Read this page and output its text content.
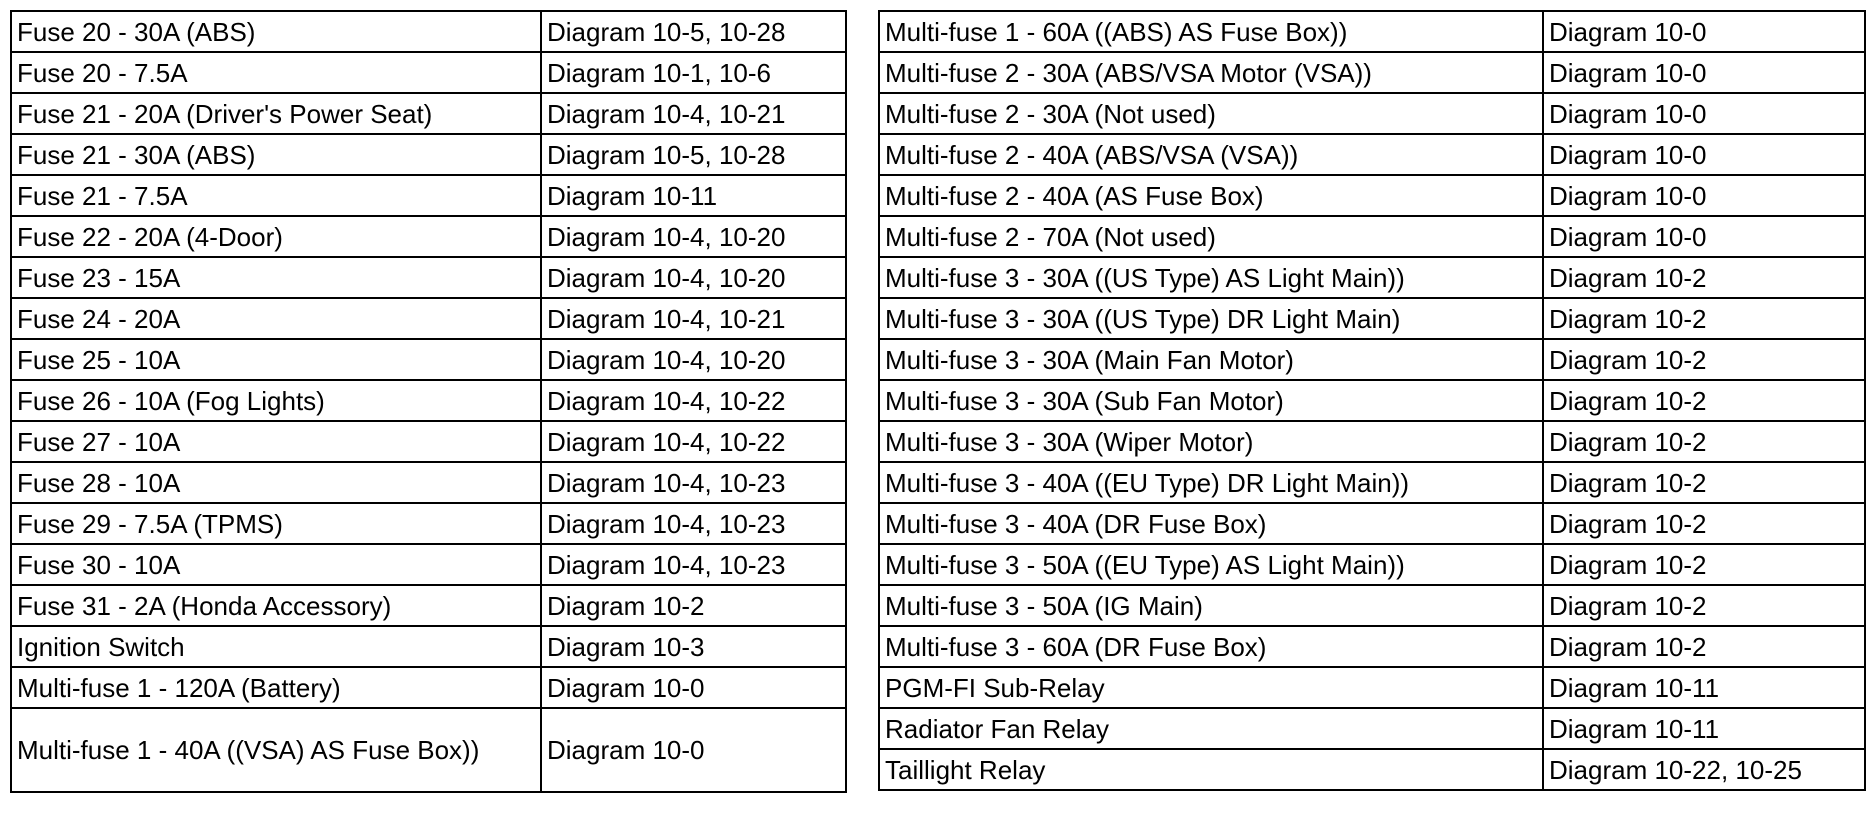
Fuse 20 - 30A (ABS)	Diagram 10-5, 10-28
Fuse 20 - 7.5A	Diagram 10-1, 10-6
Fuse 21 - 20A (Driver's Power Seat)	Diagram 10-4, 10-21
Fuse 21 - 30A (ABS)	Diagram 10-5, 10-28
Fuse 21 - 7.5A	Diagram 10-11
Fuse 22 - 20A (4-Door)	Diagram 10-4, 10-20
Fuse 23 - 15A	Diagram 10-4, 10-20
Fuse 24 - 20A	Diagram 10-4, 10-21
Fuse 25 - 10A	Diagram 10-4, 10-20
Fuse 26 - 10A (Fog Lights)	Diagram 10-4, 10-22
Fuse 27 - 10A	Diagram 10-4, 10-22
Fuse 28 - 10A	Diagram 10-4, 10-23
Fuse 29 - 7.5A (TPMS)	Diagram 10-4, 10-23
Fuse 30 - 10A	Diagram 10-4, 10-23
Fuse 31 - 2A (Honda Accessory)	Diagram 10-2
Ignition Switch	Diagram 10-3
Multi-fuse 1 - 120A (Battery)	Diagram 10-0
Multi-fuse 1 - 40A ((VSA) AS Fuse Box))	Diagram 10-0
Multi-fuse 1 - 60A ((ABS) AS Fuse Box))	Diagram 10-0
Multi-fuse 2 - 30A (ABS/VSA Motor (VSA))	Diagram 10-0
Multi-fuse 2 - 30A (Not used)	Diagram 10-0
Multi-fuse 2 - 40A (ABS/VSA (VSA))	Diagram 10-0
Multi-fuse 2 - 40A (AS Fuse Box)	Diagram 10-0
Multi-fuse 2 - 70A (Not used)	Diagram 10-0
Multi-fuse 3 - 30A ((US Type) AS Light Main))	Diagram 10-2
Multi-fuse 3 - 30A ((US Type) DR Light Main)	Diagram 10-2
Multi-fuse 3 - 30A (Main Fan Motor)	Diagram 10-2
Multi-fuse 3 - 30A (Sub Fan Motor)	Diagram 10-2
Multi-fuse 3 - 30A (Wiper Motor)	Diagram 10-2
Multi-fuse 3 - 40A ((EU Type) DR Light Main))	Diagram 10-2
Multi-fuse 3 - 40A (DR Fuse Box)	Diagram 10-2
Multi-fuse 3 - 50A ((EU Type) AS Light Main))	Diagram 10-2
Multi-fuse 3 - 50A (IG Main)	Diagram 10-2
Multi-fuse 3 - 60A (DR Fuse Box)	Diagram 10-2
PGM-FI Sub-Relay	Diagram 10-11
Radiator Fan Relay	Diagram 10-11
Taillight Relay	Diagram 10-22, 10-25
